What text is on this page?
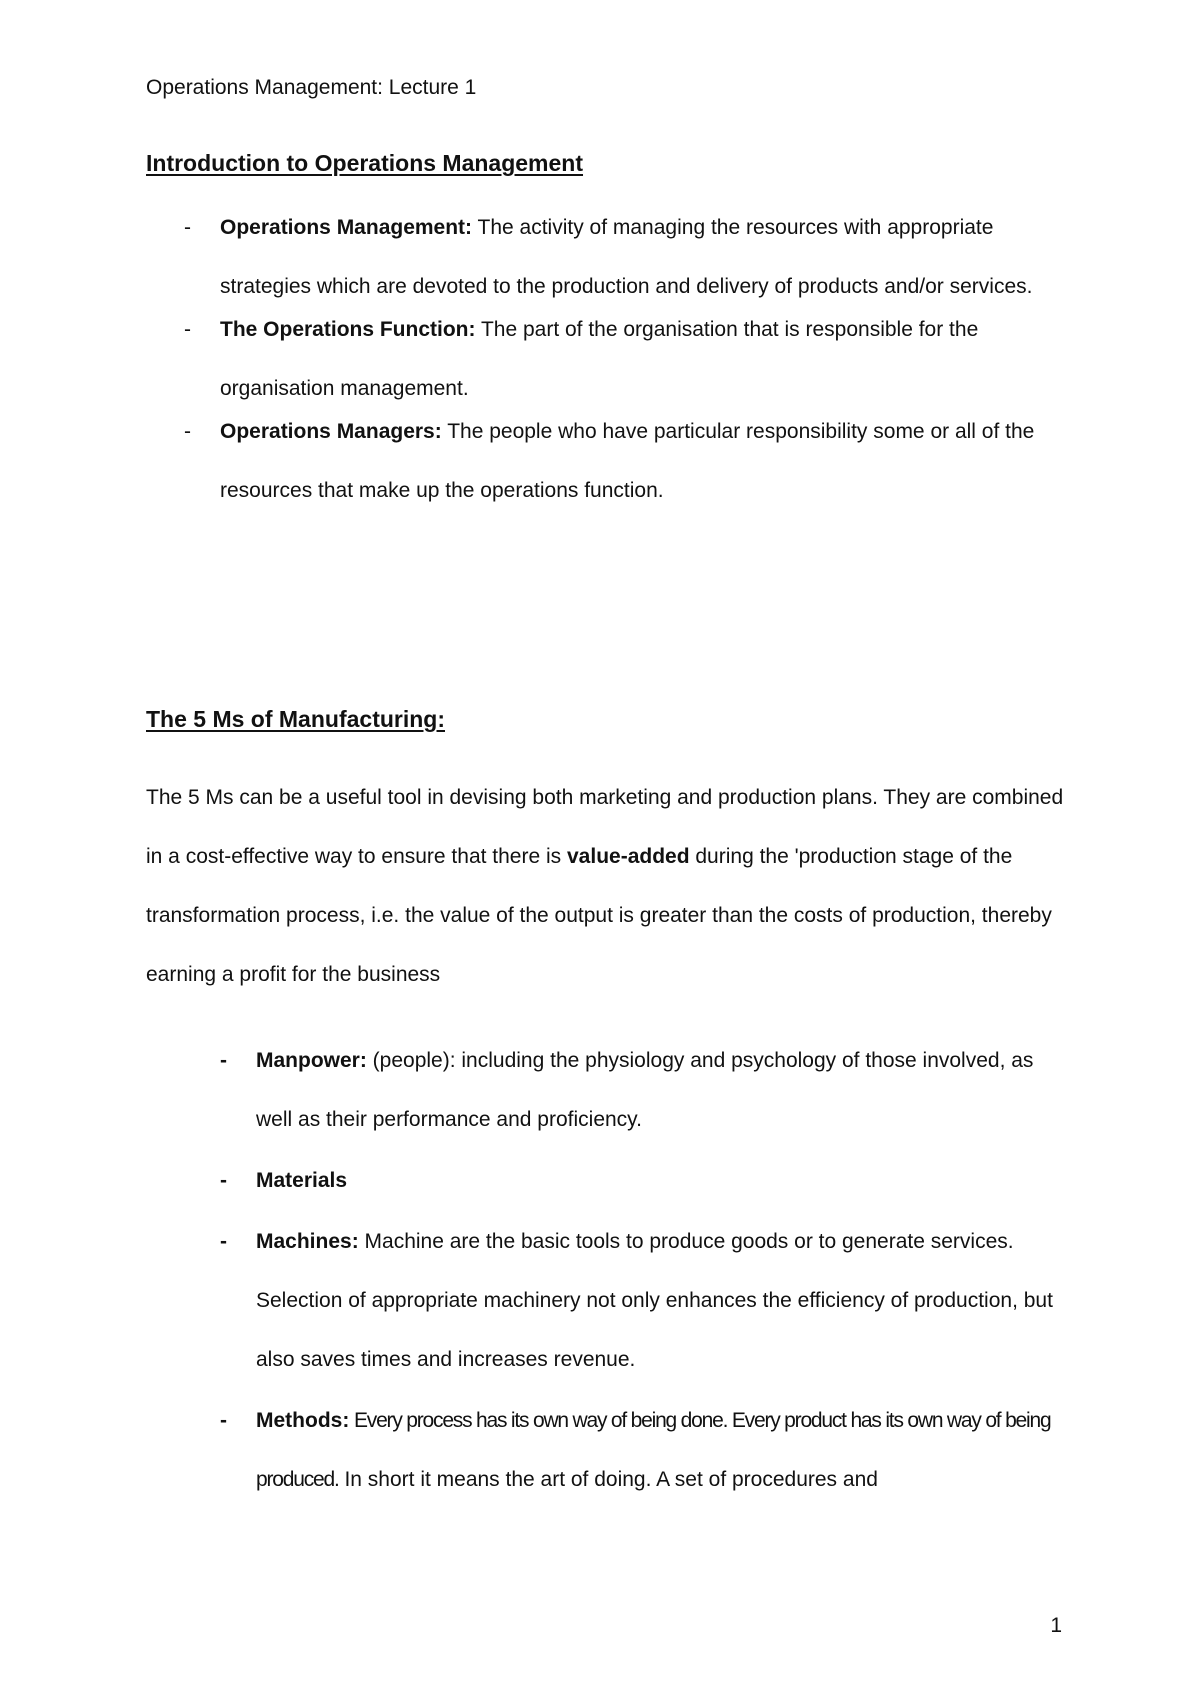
Operations Management: Lecture 1
Introduction to Operations Management
- Operations Management: The activity of managing the resources with appropriate strategies which are devoted to the production and delivery of products and/or services.
- The Operations Function: The part of the organisation that is responsible for the organisation management.
- Operations Managers: The people who have particular responsibility some or all of the resources that make up the operations function.
The 5 Ms of Manufacturing:

The 5 Ms can be a useful tool in devising both marketing and production plans. They are combined in a cost-effective way to ensure that there is value-added during the 'production stage of the transformation process, i.e. the value of the output is greater than the costs of production, thereby earning a profit for the business

- Manpower: (people): including the physiology and psychology of those involved, as well as their performance and proficiency.
- Materials
- Machines: Machine are the basic tools to produce goods or to generate services. Selection of appropriate machinery not only enhances the efficiency of production, but also saves times and increases revenue.
- Methods: Every process has its own way of being done. Every product has its own way of being produced. In short it means the art of doing. A set of procedures and
1
